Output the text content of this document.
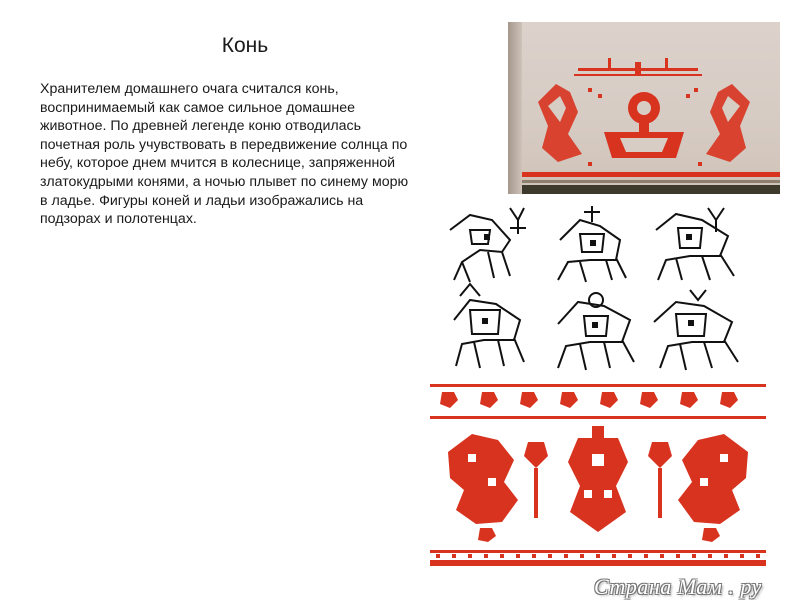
Конь
Хранителем домашнего очага считался конь, воспринимаемый как самое сильное домашнее животное. По древней легенде коню отводилась почетная роль учувствовать в передвижение солнца по небу, которое днем мчится в колеснице, запряженной златокудрыми конями, а ночью плывет по синему морю в ладье. Фигуры коней и ладьи изображались на подзорах и полотенцах.
Страна Мам . ру
